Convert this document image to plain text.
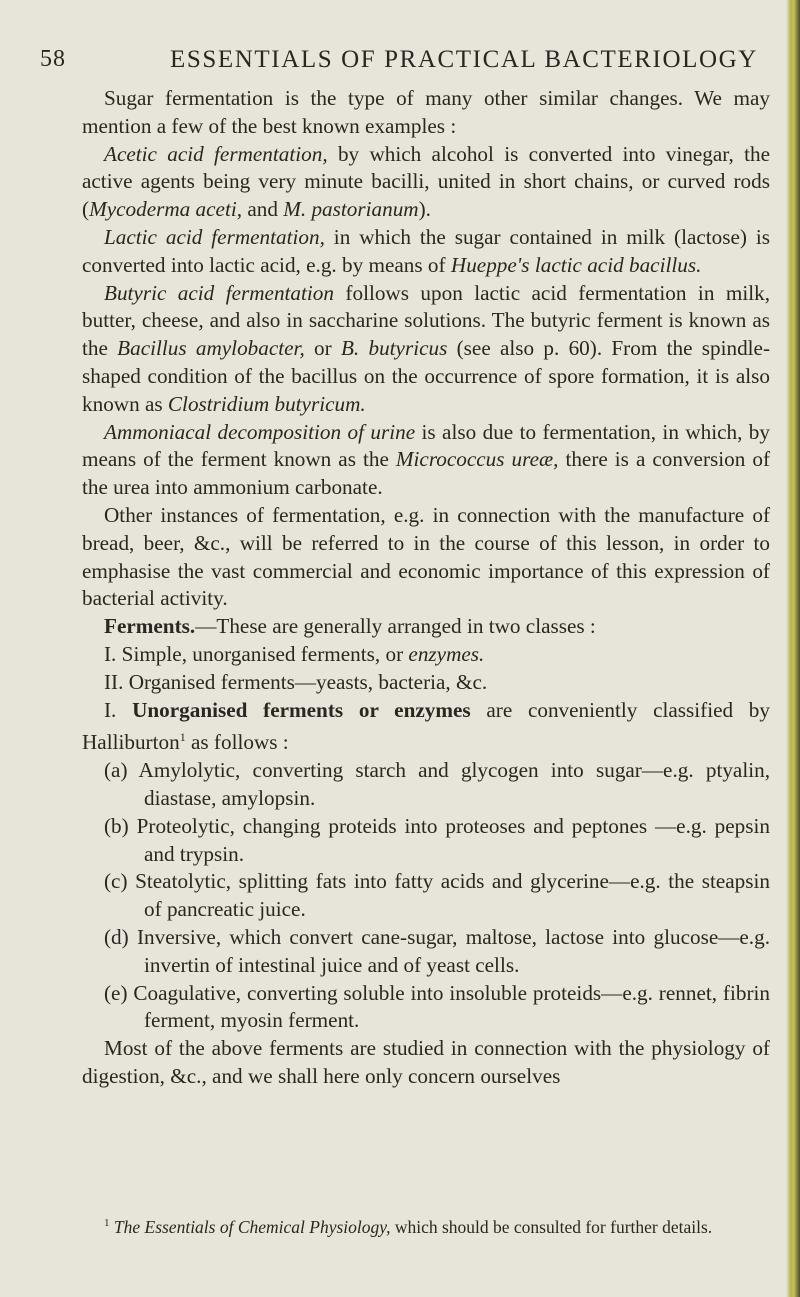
58	ESSENTIALS OF PRACTICAL BACTERIOLOGY

Sugar fermentation is the type of many other similar changes. We may mention a few of the best known examples :

Acetic acid fermentation, by which alcohol is converted into vinegar, the active agents being very minute bacilli, united in short chains, or curved rods (Mycoderma aceti, and M. pastorianum).

Lactic acid fermentation, in which the sugar contained in milk (lactose) is converted into lactic acid, e.g. by means of Hueppe's lactic acid bacillus.

Butyric acid fermentation follows upon lactic acid fermentation in milk, butter, cheese, and also in saccharine solutions. The butyric ferment is known as the Bacillus amylobacter, or B. butyricus (see also p. 60). From the spindle-shaped condition of the bacillus on the occurrence of spore formation, it is also known as Clostridium butyricum.

Ammoniacal decomposition of urine is also due to fermentation, in which, by means of the ferment known as the Micrococcus ureæ, there is a conversion of the urea into ammonium carbonate.

Other instances of fermentation, e.g. in connection with the manufacture of bread, beer, &c., will be referred to in the course of this lesson, in order to emphasise the vast commercial and economic importance of this expression of bacterial activity.

Ferments.—These are generally arranged in two classes :

I. Simple, unorganised ferments, or enzymes.

II. Organised ferments—yeasts, bacteria, &c.

I. Unorganised ferments or enzymes are conveniently classified by Halliburton$^1$ as follows :

(a) Amylolytic, converting starch and glycogen into sugar—e.g. ptyalin, diastase, amylopsin.

(b) Proteolytic, changing proteids into proteoses and peptones —e.g. pepsin and trypsin.

(c) Steatolytic, splitting fats into fatty acids and glycerine—e.g. the steapsin of pancreatic juice.

(d) Inversive, which convert cane-sugar, maltose, lactose into glucose—e.g. invertin of intestinal juice and of yeast cells.

(e) Coagulative, converting soluble into insoluble proteids—e.g. rennet, fibrin ferment, myosin ferment.

Most of the above ferments are studied in connection with the physiology of digestion, &c., and we shall here only concern ourselves

$^1$ The Essentials of Chemical Physiology, which should be consulted for further details.
